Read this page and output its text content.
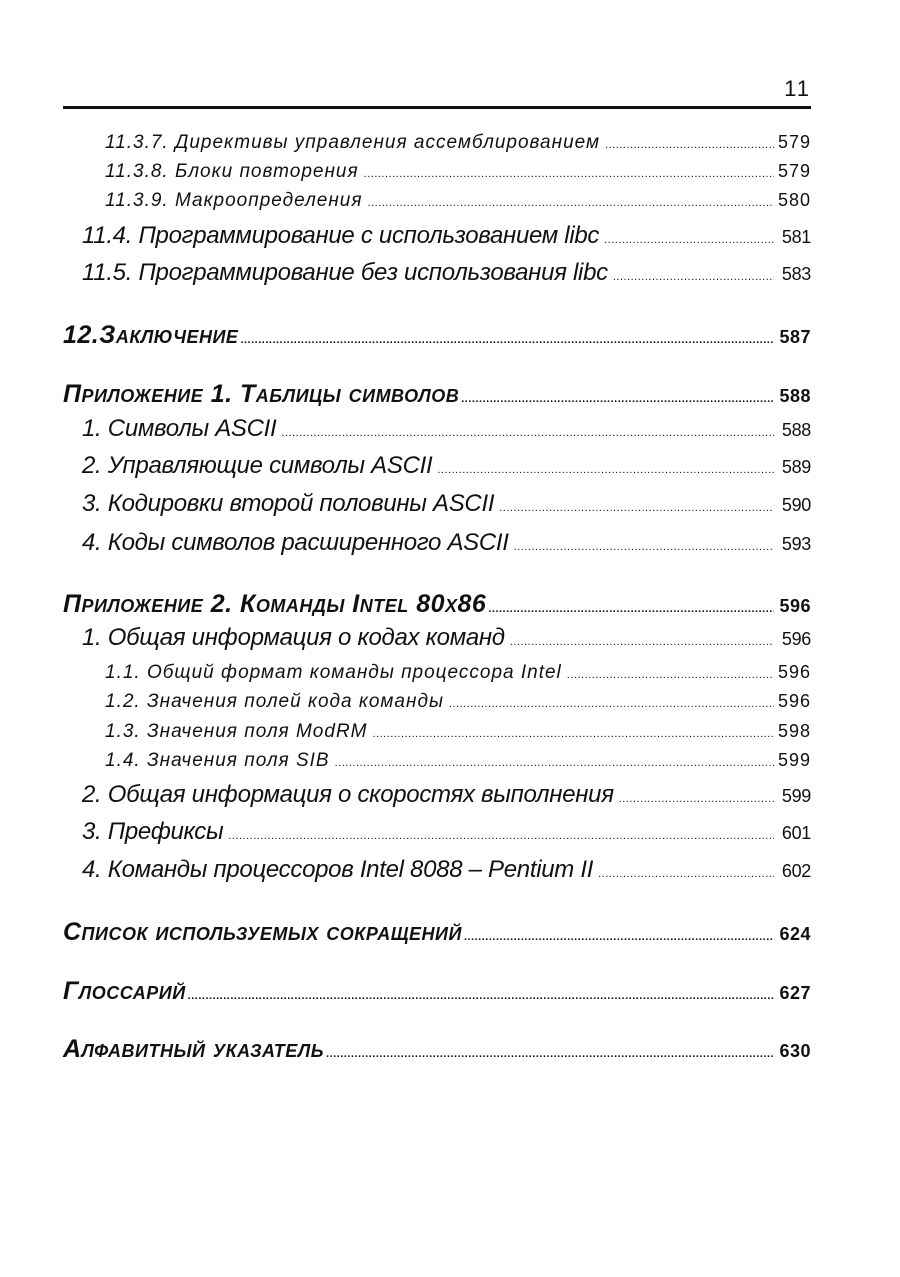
11
11.3.7. Директивы управления ассемблированием .....	579
11.3.8. Блоки повторения .....	579
11.3.9. Макроопределения .....	580
11.4. Программирование с использованием libc .....	581
11.5. Программирование без использования libc .....	583
12.Заключение .....	587
Приложение 1. Таблицы символов .....	588
1. Символы ASCII .....	588
2. Управляющие символы ASCII .....	589
3. Кодировки второй половины ASCII .....	590
4. Коды символов расширенного ASCII .....	593
Приложение 2. Команды Intel 80x86 .....	596
1. Общая информация о кодах команд .....	596
1.1. Общий формат команды процессора Intel .....	596
1.2. Значения полей кода команды .....	596
1.3. Значения поля ModRM .....	598
1.4. Значения поля SIB .....	599
2. Общая информация о скоростях выполнения .....	599
3. Префиксы .....	601
4. Команды процессоров Intel 8088 – Pentium II .....	602
Список используемых сокращений .....	624
Глоссарий .....	627
Алфавитный указатель .....	630
